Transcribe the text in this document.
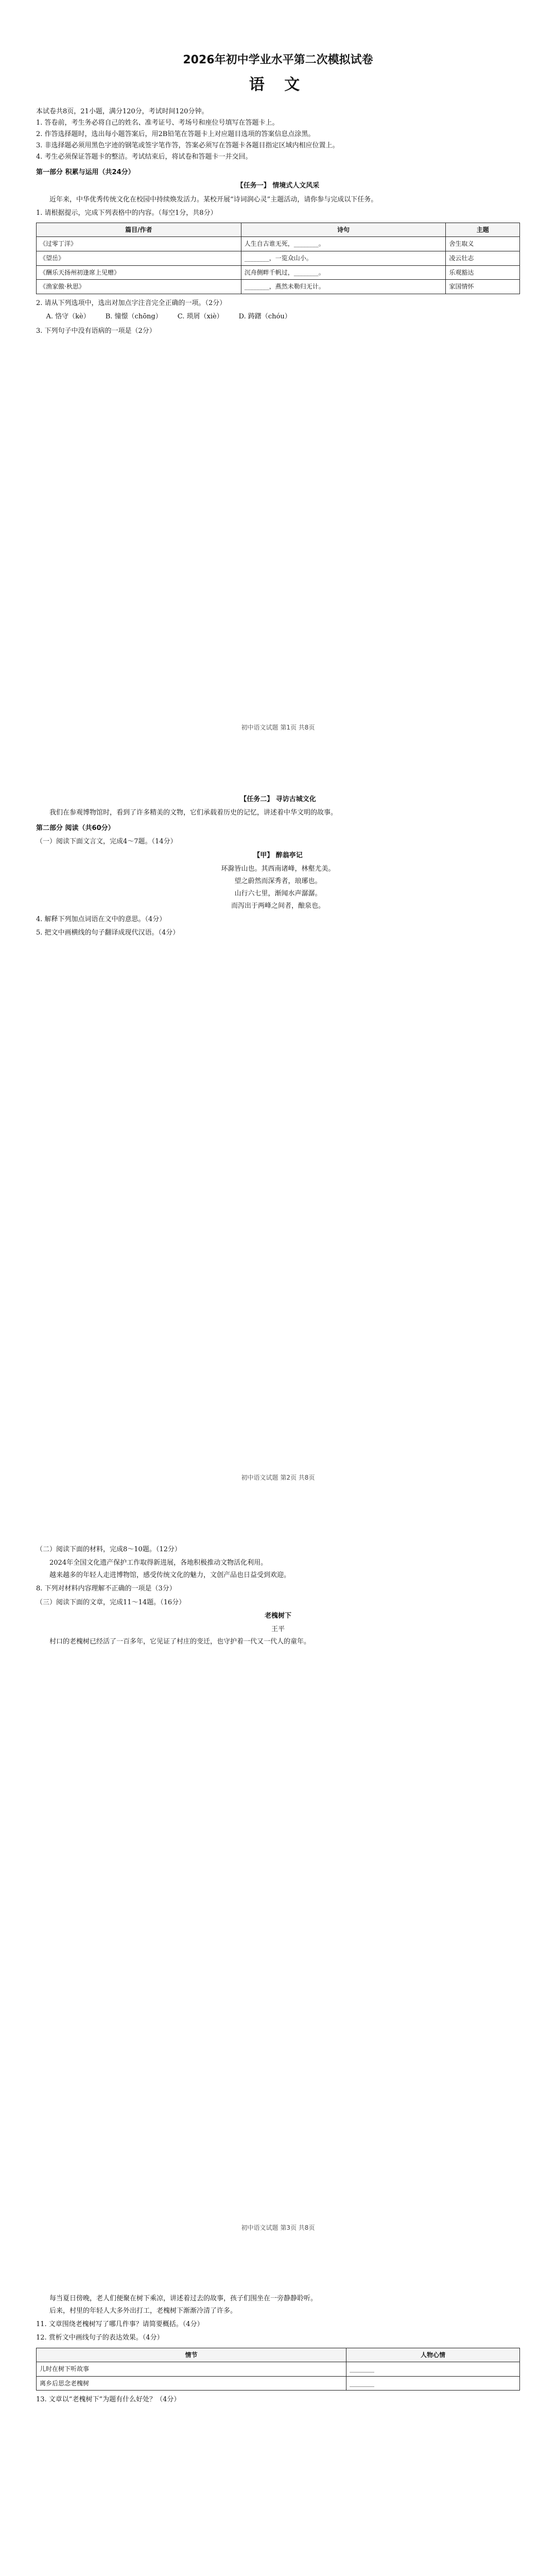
2026年初中学业水平第二次模拟试卷
语 文
本试卷共8页，21小题，满分120分，考试时间120分钟。
1. 答卷前，考生务必将自己的姓名、准考证号、考场号和座位号填写在答题卡上。
2. 作答选择题时，选出每小题答案后，用2B铅笔在答题卡上对应题目选项的答案信息点涂黑。
3. 非选择题必须用黑色字迹的钢笔或签字笔作答，答案必须写在答题卡各题目指定区域内相应位置上。
4. 考生必须保证答题卡的整洁。考试结束后，将试卷和答题卡一并交回。
第一部分 积累与运用（共24分）
【任务一】 情境式人文风采
近年来，中华优秀传统文化在校园中持续焕发活力。某校开展“诗词润心灵”主题活动，请你参与完成以下任务。
1. 请根据提示，完成下列表格中的内容。（每空1分，共8分）
篇目/作者	诗句	主题
《过零丁洋》	人生自古谁无死，________。	舍生取义
《望岳》	________，一览众山小。	凌云壮志
《酬乐天扬州初逢席上见赠》	沉舟侧畔千帆过，________。	乐观豁达
《渔家傲·秋思》	________，燕然未勒归无计。	家国情怀
2. 请从下列选项中，选出对加点字注音完全正确的一项。（2分）
A. 恪守（kè） B. 憧憬（chōng） C. 琐屑（xiè） D. 踌躇（chóu）
3. 下列句子中没有语病的一项是（2分）
初中语文试题 第1页 共8页
【任务二】 寻访古城文化
我们在参观博物馆时，看到了许多精美的文物，它们承载着历史的记忆，讲述着中华文明的故事。
第二部分 阅读（共60分）
（一）阅读下面文言文，完成4～7题。（14分）
【甲】 醉翁亭记
环滁皆山也。其西南诸峰，林壑尤美。
望之蔚然而深秀者，琅琊也。
山行六七里，渐闻水声潺潺。
而泻出于两峰之间者，酿泉也。
4. 解释下列加点词语在文中的意思。（4分）
5. 把文中画横线的句子翻译成现代汉语。（4分）
初中语文试题 第2页 共8页
（二）阅读下面的材料，完成8～10题。（12分）
2024年全国文化遗产保护工作取得新进展，各地积极推动文物活化利用。
越来越多的年轻人走进博物馆，感受传统文化的魅力，文创产品也日益受到欢迎。
8. 下列对材料内容理解不正确的一项是（3分）
（三）阅读下面的文章，完成11～14题。（16分）
老槐树下
王平
村口的老槐树已经活了一百多年，它见证了村庄的变迁，也守护着一代又一代人的童年。
初中语文试题 第3页 共8页
每当夏日傍晚，老人们便聚在树下乘凉，讲述着过去的故事，孩子们围坐在一旁静静聆听。
后来，村里的年轻人大多外出打工，老槐树下渐渐冷清了许多。
11. 文章围绕老槐树写了哪几件事？请简要概括。（4分）
12. 赏析文中画线句子的表达效果。（4分）
情节	人物心情
儿时在树下听故事	________
离乡后思念老槐树	________
13. 文章以“老槐树下”为题有什么好处？（4分）
